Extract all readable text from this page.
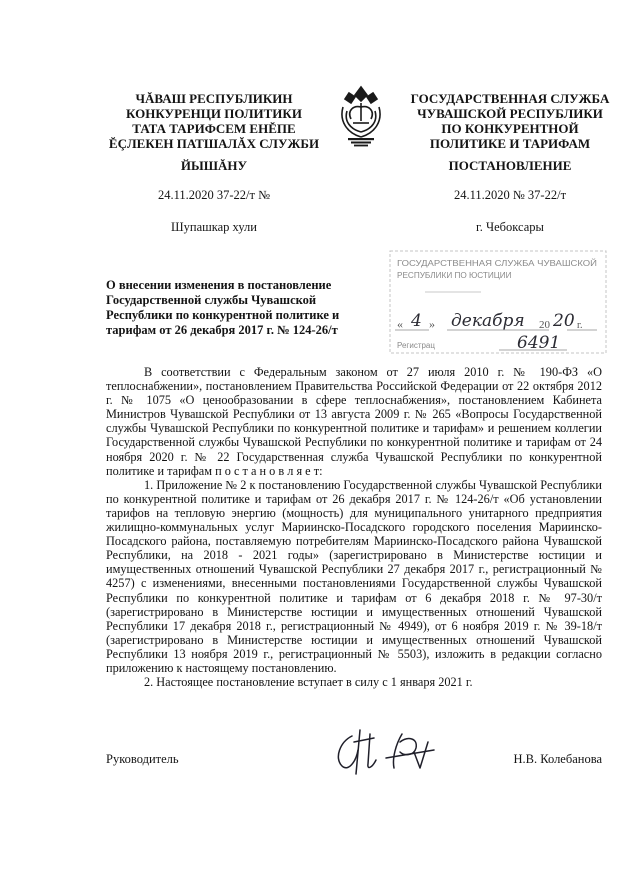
ЧĂВАШ РЕСПУБЛИКИН
КОНКУРЕНЦИ ПОЛИТИКИ
ТАТА ТАРИФСЕМ ЕНĔПЕ
ĔÇЛЕКЕН ПАТШАЛĂХ СЛУЖБИ
ГОСУДАРСТВЕННАЯ СЛУЖБА
ЧУВАШСКОЙ РЕСПУБЛИКИ
ПО КОНКУРЕНТНОЙ
ПОЛИТИКЕ И ТАРИФАМ
ЙЫШĂНУ	ПОСТАНОВЛЕНИЕ
24.11.2020 37-22/т №	24.11.2020 № 37-22/т
Шупашкар хули	г. Чебоксары
О внесении изменения в постановление
Государственной службы Чувашской
Республики по конкурентной политике и
тарифам от 26 декабря 2017 г. № 124-26/т
ГОСУДАРСТВЕННАЯ СЛУЖБА ЧУВАШСКОЙ
РЕСПУБЛИКИ ПО ЮСТИЦИИ
« 4 » декабря 20 20 г.
Регистрац	6491

В соответствии с Федеральным законом от 27 июля 2010 г. № 190-ФЗ «О теплоснабжении», постановлением Правительства Российской Федерации от 22 октября 2012 г. № 1075 «О ценообразовании в сфере теплоснабжения», постановлением Кабинета Министров Чувашской Республики от 13 августа 2009 г. № 265 «Вопросы Государственной службы Чувашской Республики по конкурентной политике и тарифам» и решением коллегии Государственной службы Чувашской Республики по конкурентной политике и тарифам от 24 ноября 2020 г. № 22 Государственная служба Чувашской Республики по конкурентной политике и тарифам п о с т а н о в л я е т:

1. Приложение № 2 к постановлению Государственной службы Чувашской Республики по конкурентной политике и тарифам от 26 декабря 2017 г. № 124-26/т «Об установлении тарифов на тепловую энергию (мощность) для муниципального унитарного предприятия жилищно-коммунальных услуг Мариинско-Посадского городского поселения Мариинско-Посадского района, поставляемую потребителям Мариинско-Посадского района Чувашской Республики, на 2018 - 2021 годы» (зарегистрировано в Министерстве юстиции и имущественных отношений Чувашской Республики 27 декабря 2017 г., регистрационный № 4257) с изменениями, внесенными постановлениями Государственной службы Чувашской Республики по конкурентной политике и тарифам от 6 декабря 2018 г. № 97-30/т (зарегистрировано в Министерстве юстиции и имущественных отношений Чувашской Республики 17 декабря 2018 г., регистрационный № 4949), от 6 ноября 2019 г. № 39-18/т (зарегистрировано в Министерстве юстиции и имущественных отношений Чувашской Республики 13 ноября 2019 г., регистрационный № 5503), изложить в редакции согласно приложению к настоящему постановлению.

2. Настоящее постановление вступает в силу с 1 января 2021 г.

Руководитель	Н.В. Колебанова
